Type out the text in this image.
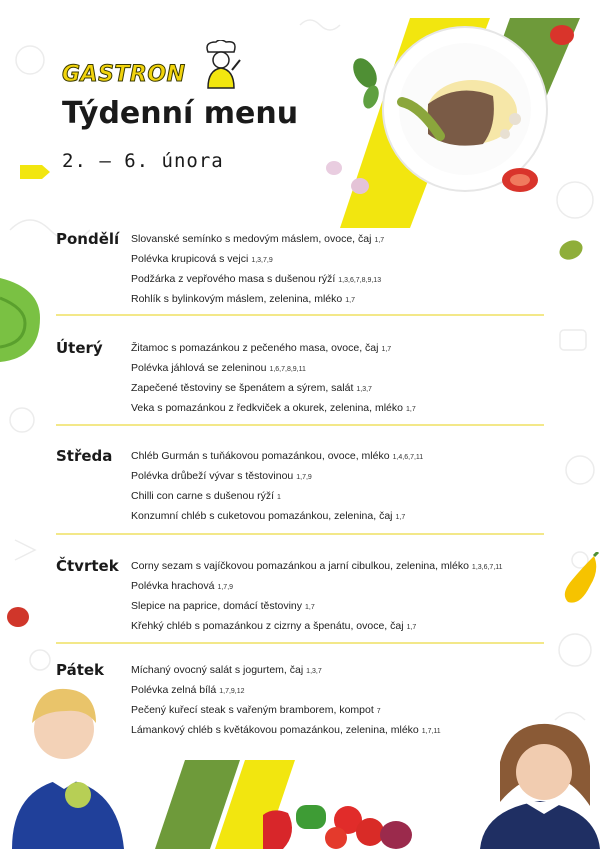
GASTRON
Týdenní menu
2. – 6. února
Pondělí Slovanské semínko s medovým máslem, ovoce, čaj 1,7
Polévka krupicová s vejci 1,3,7,9
Podžárka z vepřového masa s dušenou rýží 1,3,6,7,8,9,13
Rohlík s bylinkovým máslem, zelenina, mléko 1,7
Úterý	Žitamoc s pomazánkou z pečeného masa, ovoce, čaj 1,7
Polévka jáhlová se zeleninou 1,6,7,8,9,11
Zapečené těstoviny se špenátem a sýrem, salát 1,3,7
Veka s pomazánkou z ředkviček a okurek, zelenina, mléko 1,7
Středa Chléb Gurmán s tuňákovou pomazánkou, ovoce, mléko 1,4,6,7,11
Polévka drůbeží vývar s těstovinou 1,7,9
Chilli con carne s dušenou rýží 1
Konzumní chléb s cuketovou pomazánkou, zelenina, čaj 1,7
Čtvrtek Corny sezam s vajíčkovou pomazánkou a jarní cibulkou, zelenina, mléko 1,3,6,7,11
Polévka hrachová 1,7,9
Slepice na paprice, domácí těstoviny 1,7
Křehký chléb s pomazánkou z cizrny a špenátu, ovoce, čaj 1,7
Pátek	Míchaný ovocný salát s jogurtem, čaj 1,3,7
Polévka zelná bílá 1,7,9,12
Pečený kuřecí steak s vařeným bramborem, kompot 7
Lámankový chléb s květákovou pomazánkou, zelenina, mléko 1,7,11
